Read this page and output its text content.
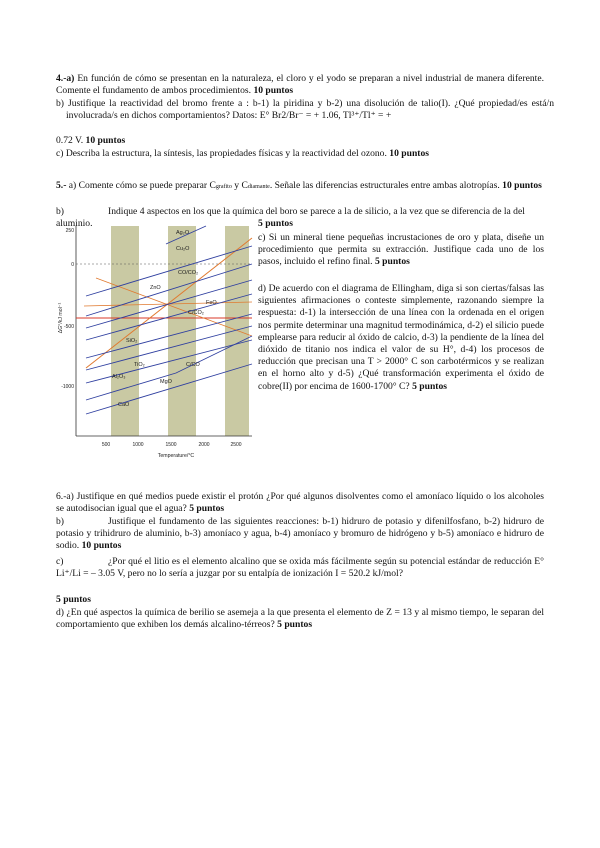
4.-a) En función de cómo se presentan en la naturaleza, el cloro y el yodo se preparan a nivel industrial de manera diferente. Comente el fundamento de ambos procedimientos. 10 puntos

b) Justifique la reactividad del bromo frente a : b-1) la piridina y b-2) una disolución de talio(I). ¿Qué propiedad/es está/n involucrada/s en dichos comportamientos? Datos: E° Br2/Br⁻ = + 1.06, Tl³⁺/Tl⁺ = +

0.72 V. 10 puntos

c) Describa la estructura, la síntesis, las propiedades físicas y la reactividad del ozono. 10 puntos

5.- a) Comente cómo se puede preparar Cgrafito y Cdiamante. Señale las diferencias estructurales entre ambas alotropías. 10 puntos

b)	Indique 4 aspectos en los que la química del boro se parece a la de silicio, a la vez que se diferencia de la del aluminio.

Ag₂O
Cu₂O
CO/CO₂
ZnO
FeO
C/CO₂
SiO₂
TiO₂	C/CO
Al₂O₃
MgO
CaO
250
0
-500
-1000
500	1000	1500	2000	2500
Temperature/°C
ΔG°/kJ mol⁻¹

5 puntos

c) Si un mineral tiene pequeñas incrustaciones de oro y plata, diseñe un procedimiento que permita su extracción. Justifique cada uno de los pasos, incluido el refino final. 5 puntos

d) De acuerdo con el diagrama de Ellingham, diga si son ciertas/falsas las siguientes afirmaciones o conteste simplemente, razonando siempre la respuesta: d-1) la intersección de una línea con la ordenada en el origen nos permite determinar una magnitud termodinámica, d-2) el silicio puede emplearse para reducir al óxido de calcio, d-3) la pendiente de la línea del dióxido de titanio nos indica el valor de su H°, d-4) los procesos de reducción que precisan una T > 2000° C son carbotérmicos y se realizan en el horno alto y d-5) ¿Qué transformación experimenta el óxido de cobre(II) por encima de 1600-1700° C? 5 puntos

6.-a) Justifique en qué medios puede existir el protón ¿Por qué algunos disolventes como el amoníaco líquido o los alcoholes se autodisocian igual que el agua? 5 puntos

b)	Justifique el fundamento de las siguientes reacciones: b-1) hidruro de potasio y difenilfosfano, b-2) hidruro de potasio y trihidruro de aluminio, b-3) amoníaco y agua, b-4) amoníaco y bromuro de hidrógeno y b-5) amoníaco e hidruro de sodio. 10 puntos

c)	¿Por qué el litio es el elemento alcalino que se oxida más fácilmente según su potencial estándar de reducción E° Li⁺/Li = – 3.05 V, pero no lo sería a juzgar por su entalpía de ionización I = 520.2 kJ/mol?

5 puntos

d) ¿En qué aspectos la química de berilio se asemeja a la que presenta el elemento de Z = 13 y al mismo tiempo, le separan del comportamiento que exhiben los demás alcalino-térreos? 5 puntos
